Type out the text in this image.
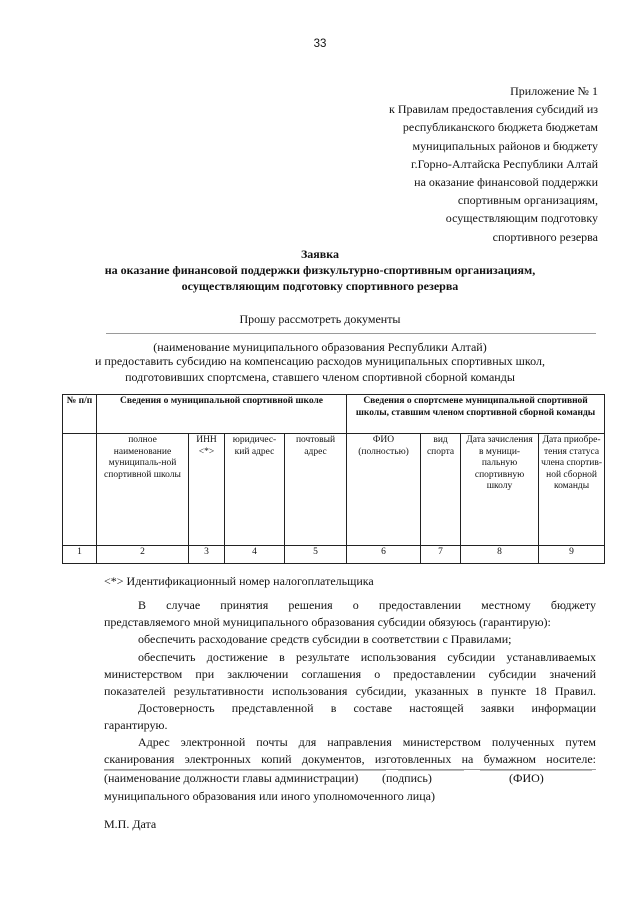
33
Приложение № 1
к Правилам предоставления субсидий из
республиканского бюджета бюджетам
муниципальных районов и бюджету
г.Горно-Алтайска Республики Алтай
на оказание финансовой поддержки
спортивным организациям,
осуществляющим подготовку
спортивного резерва
Заявка
на оказание финансовой поддержки физкультурно-спортивным организациям,
осуществляющим подготовку спортивного резерва
Прошу рассмотреть документы
(наименование муниципального образования Республики Алтай)
и предоставить субсидию на компенсацию расходов муниципальных спортивных школ,
подготовивших спортсмена, ставшего членом спортивной сборной команды
№ п/п	Сведения о муниципальной спортивной школе				Сведения о спортсмене муниципальной спортивной школы, ставшим членом спортивной сборной команды			
	полное наименование муниципаль-ной спортивной школы	ИНН <*>	юридичес-кий адрес	почтовый адрес	ФИО (полностью)	вид спорта	Дата зачисления в муници-пальную спортивную школу	Дата приобре-тения статуса члена спортив-ной сборной команды
1	2	3	4	5	6	7	8	9
<*> Идентификационный номер налогоплательщика
В случае принятия решения о предоставлении местному бюджету
представляемого мной муниципального образования субсидии обязуюсь (гарантирую):
обеспечить расходование средств субсидии в соответствии с Правилами;
обеспечить достижение в результате использования субсидии устанавливаемых
министерством при заключении соглашения о предоставлении субсидии значений
показателей результативности использования субсидии, указанных в пункте 18 Правил.
Достоверность представленной в составе настоящей заявки информации
гарантирую.
Адрес электронной почты для направления министерством полученных путем
сканирования электронных копий документов, изготовленных на бумажном носителе:
(наименование должности главы администрации) (подпись)	(ФИО)
муниципального образования или иного уполномоченного лица)
М.П. Дата
